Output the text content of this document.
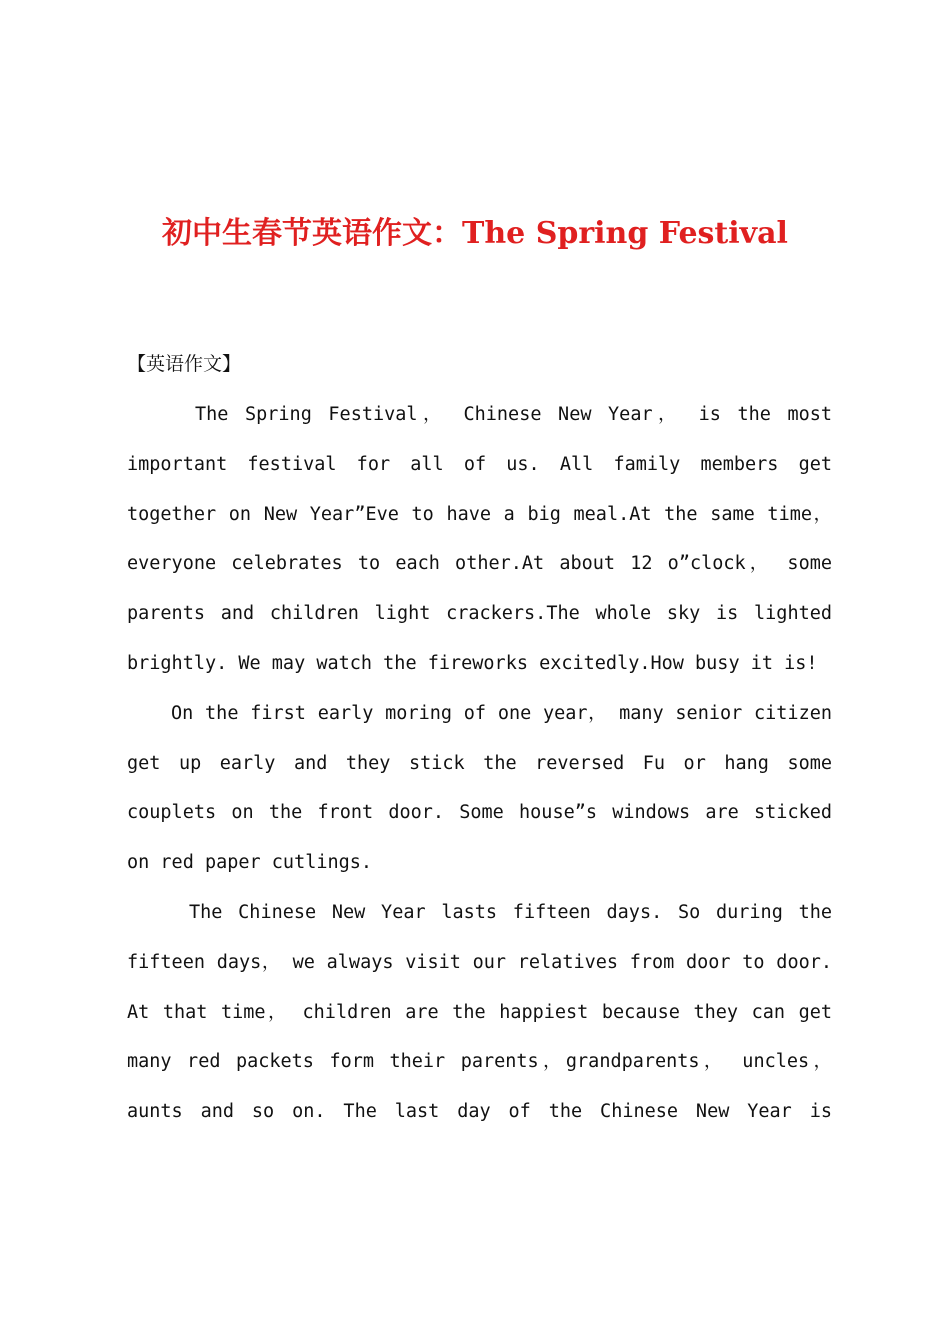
初中生春节英语作文：The Spring Festival
【英语作文】
The Spring Festival， Chinese New Year， is the most
important festival for all of us. All family members get
together on New Year”Eve to have a big meal.At the same time，
everyone celebrates to each other.At about 12 o”clock， some
parents and children light crackers.The whole sky is lighted
brightly. We may watch the fireworks excitedly.How busy it is!
On the first early moring of one year， many senior citizen
get up early and they stick the reversed Fu or hang some
couplets on the front door. Some house”s windows are sticked
on red paper cutlings.
The Chinese New Year lasts fifteen days. So during the
fifteen days， we always visit our relatives from door to door.
At that time， children are the happiest because they can get
many red packets form their parents，grandparents， uncles，
aunts and so on. The last day of the Chinese New Year is
